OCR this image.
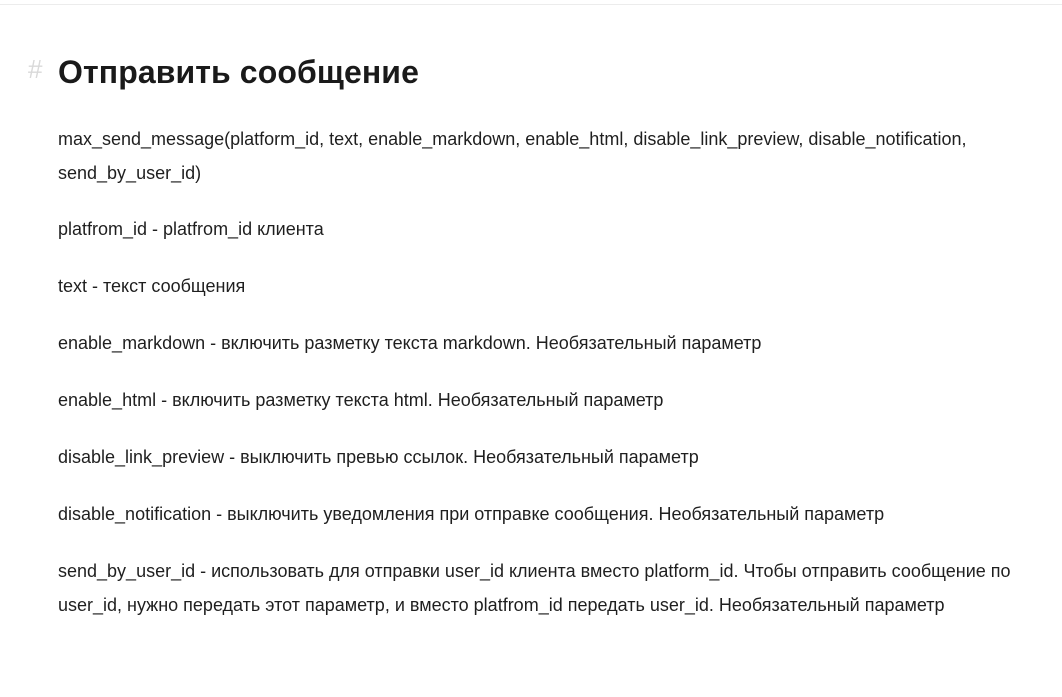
# Отправить сообщение

max_send_message(platform_id, text, enable_markdown, enable_html, disable_link_preview, disable_notification, send_by_user_id)

platfrom_id - platfrom_id клиента

text - текст сообщения

enable_markdown - включить разметку текста markdown. Необязательный параметр

enable_html - включить разметку текста html. Необязательный параметр

disable_link_preview - выключить превью ссылок. Необязательный параметр

disable_notification - выключить уведомления при отправке сообщения. Необязательный параметр

send_by_user_id - использовать для отправки user_id клиента вместо platform_id. Чтобы отправить сообщение по user_id, нужно передать этот параметр, и вместо platfrom_id передать user_id. Необязательный параметр
